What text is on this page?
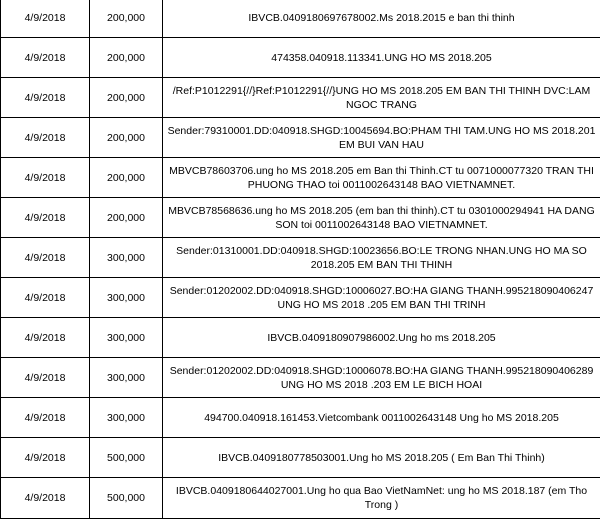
4/9/2018	200,000	IBVCB.0409180697678002.Ms 2018.2015 e ban thi thinh
4/9/2018	200,000	474358.040918.113341.UNG HO MS 2018.205
4/9/2018	200,000	/Ref:P1012291{//}Ref:P1012291{//}UNG HO MS 2018.205 EM BAN THI THINH DVC:LAM NGOC TRANG
4/9/2018	200,000	Sender:79310001.DD:040918.SHGD:10045694.BO:PHAM THI TAM.UNG HO MS 2018.201 EM BUI VAN HAU
4/9/2018	200,000	MBVCB78603706.ung ho MS 2018.205 em Ban thi Thinh.CT tu 0071000077320 TRAN THI PHUONG THAO toi 0011002643148 BAO VIETNAMNET.
4/9/2018	200,000	MBVCB78568636.ung ho MS 2018.205 (em ban thi thinh).CT tu 0301000294941 HA DANG SON toi 0011002643148 BAO VIETNAMNET.
4/9/2018	300,000	Sender:01310001.DD:040918.SHGD:10023656.BO:LE TRONG NHAN.UNG HO MA SO 2018.205 EM BAN THI THINH
4/9/2018	300,000	Sender:01202002.DD:040918.SHGD:10006027.BO:HA GIANG THANH.995218090406247 UNG HO MS 2018 .205 EM BAN THI TRINH
4/9/2018	300,000	IBVCB.0409180907986002.Ung ho ms 2018.205
4/9/2018	300,000	Sender:01202002.DD:040918.SHGD:10006078.BO:HA GIANG THANH.995218090406289 UNG HO MS 2018 .203 EM LE BICH HOAI
4/9/2018	300,000	494700.040918.161453.Vietcombank 0011002643148 Ung ho MS 2018.205
4/9/2018	500,000	IBVCB.0409180778503001.Ung ho MS 2018.205 ( Em Ban Thi Thinh)
4/9/2018	500,000	IBVCB.0409180644027001.Ung ho qua Bao VietNamNet: ung ho MS 2018.187 (em Tho Trong )
